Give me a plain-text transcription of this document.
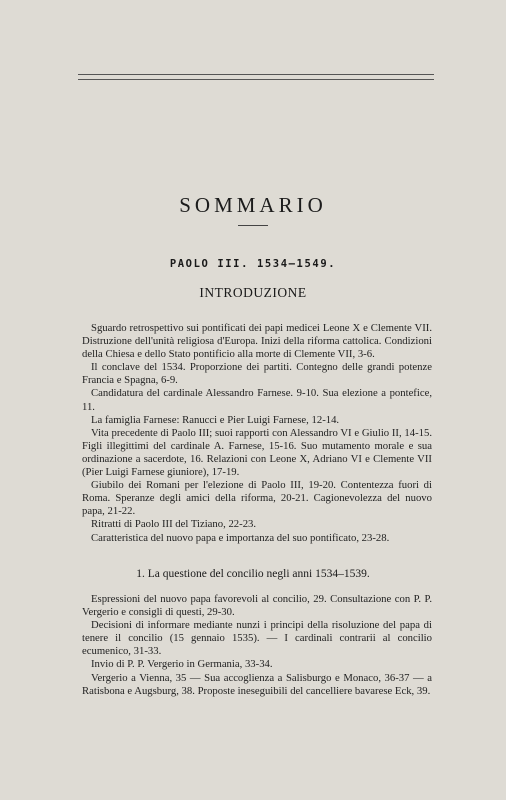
SOMMARIO
PAOLO III. 1534–1549.
INTRODUZIONE

Sguardo retrospettivo sui pontificati dei papi medicei Leone X e Clemente VII. Distruzione dell'unità religiosa d'Europa. Inizi della riforma cattolica. Condizioni della Chiesa e dello Stato pontificio alla morte di Clemente VII, 3-6.

Il conclave del 1534. Proporzione dei partiti. Contegno delle grandi potenze Francia e Spagna, 6-9.

Candidatura del cardinale Alessandro Farnese. 9-10. Sua elezione a pontefice, 11.

La famiglia Farnese: Ranucci e Pier Luigi Farnese, 12-14.

Vita precedente di Paolo III; suoi rapporti con Alessandro VI e Giulio II, 14-15. Figli illegittimi del cardinale A. Farnese, 15-16. Suo mutamento morale e sua ordinazione a sacerdote, 16. Relazioni con Leone X, Adriano VI e Clemente VII (Pier Luigi Farnese giuniore), 17-19.

Giubilo dei Romani per l'elezione di Paolo III, 19-20. Contentezza fuori di Roma. Speranze degli amici della riforma, 20-21. Cagionevolezza del nuovo papa, 21-22.

Ritratti di Paolo III del Tiziano, 22-23.

Caratteristica del nuovo papa e importanza del suo pontificato, 23-28.

1. La questione del concilio negli anni 1534–1539.

Espressioni del nuovo papa favorevoli al concilio, 29. Consultazione con P. P. Vergerio e consigli di questi, 29-30.

Decisioni di informare mediante nunzi i principi della risoluzione del papa di tenere il concilio (15 gennaio 1535). — I cardinali contrarii al concilio ecumenico, 31-33.

Invio di P. P. Vergerio in Germania, 33-34.

Vergerio a Vienna, 35 — Sua accoglienza a Salisburgo e Monaco, 36-37 — a Ratisbona e Augsburg, 38. Proposte ineseguibili del cancelliere bavarese Eck, 39.
